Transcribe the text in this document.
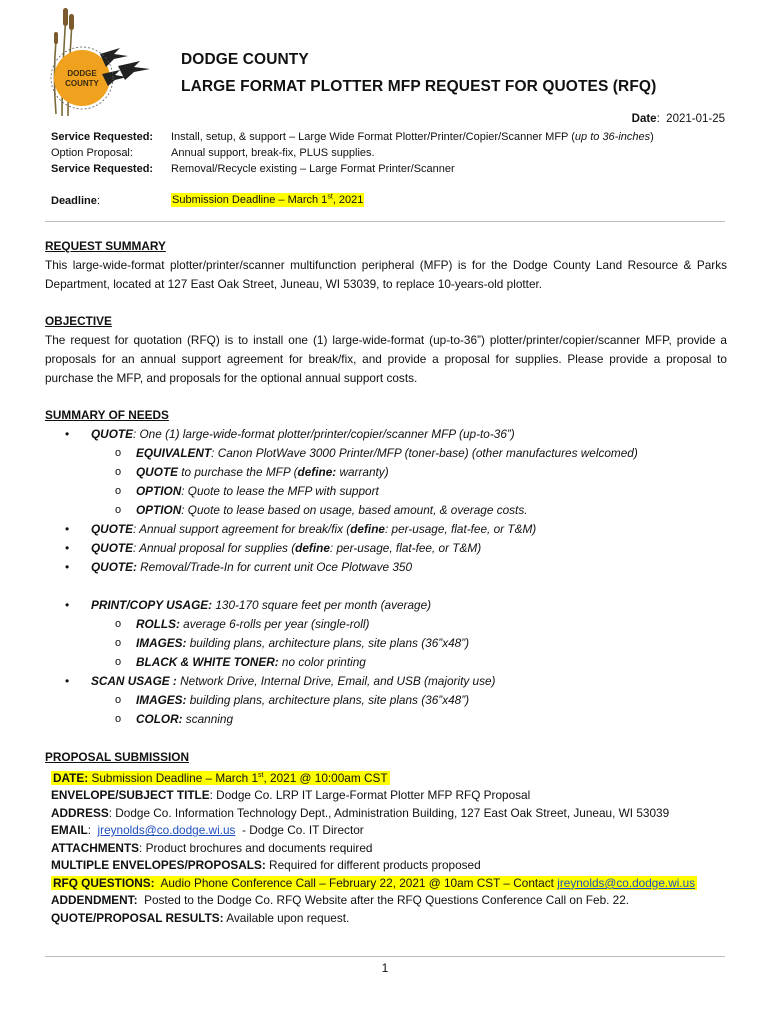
DODGE
COUNTY
DODGE COUNTY
LARGE FORMAT PLOTTER MFP REQUEST FOR QUOTES (RFQ)
Date:  2021-01-25
Service Requested: Install, setup, & support – Large Wide Format Plotter/Printer/Copier/Scanner MFP (up to 36-inches)
Option Proposal:	Annual support, break-fix, PLUS supplies.
Service Requested: Removal/Recycle existing – Large Format Printer/Scanner
Deadline:	Submission Deadline – March 1st, 2021
REQUEST SUMMARY
This large-wide-format plotter/printer/scanner multifunction peripheral (MFP) is for the Dodge County Land Resource & Parks Department, located at 127 East Oak Street, Juneau, WI 53039, to replace 10-years-old plotter.
OBJECTIVE
The request for quotation (RFQ) is to install one (1) large-wide-format (up-to-36”) plotter/printer/copier/scanner MFP, provide a proposals for an annual support agreement for break/fix, and provide a proposal for supplies. Please provide a proposal to purchase the MFP, and proposals for the optional annual support costs.
SUMMARY OF NEEDS
• QUOTE: One (1) large-wide-format plotter/printer/copier/scanner MFP (up-to-36”)
o EQUIVALENT: Canon PlotWave 3000 Printer/MFP (toner-base) (other manufactures welcomed)
o QUOTE to purchase the MFP (define: warranty)
o OPTION: Quote to lease the MFP with support
o OPTION: Quote to lease based on usage, based amount, & overage costs.
• QUOTE: Annual support agreement for break/fix (define: per-usage, flat-fee, or T&M)
• QUOTE: Annual proposal for supplies (define: per-usage, flat-fee, or T&M)
• QUOTE: Removal/Trade-In for current unit Oce Plotwave 350
• PRINT/COPY USAGE: 130-170 square feet per month (average)
o ROLLS: average 6-rolls per year (single-roll)
o IMAGES: building plans, architecture plans, site plans (36”x48”)
o BLACK & WHITE TONER: no color printing
• SCAN USAGE : Network Drive, Internal Drive, Email, and USB (majority use)
o IMAGES: building plans, architecture plans, site plans (36”x48”)
o COLOR: scanning
PROPOSAL SUBMISSION
DATE: Submission Deadline – March 1st, 2021 @ 10:00am CST
ENVELOPE/SUBJECT TITLE: Dodge Co. LRP IT Large-Format Plotter MFP RFQ Proposal
ADDRESS: Dodge Co. Information Technology Dept., Administration Building, 127 East Oak Street, Juneau, WI 53039
EMAIL:  jreynolds@co.dodge.wi.us  - Dodge Co. IT Director
ATTACHMENTS: Product brochures and documents required
MULTIPLE ENVELOPES/PROPOSALS: Required for different products proposed
RFQ QUESTIONS:  Audio Phone Conference Call – February 22, 2021 @ 10am CST – Contact jreynolds@co.dodge.wi.us
ADDENDMENT:  Posted to the Dodge Co. RFQ Website after the RFQ Questions Conference Call on Feb. 22.
QUOTE/PROPOSAL RESULTS: Available upon request.
1
